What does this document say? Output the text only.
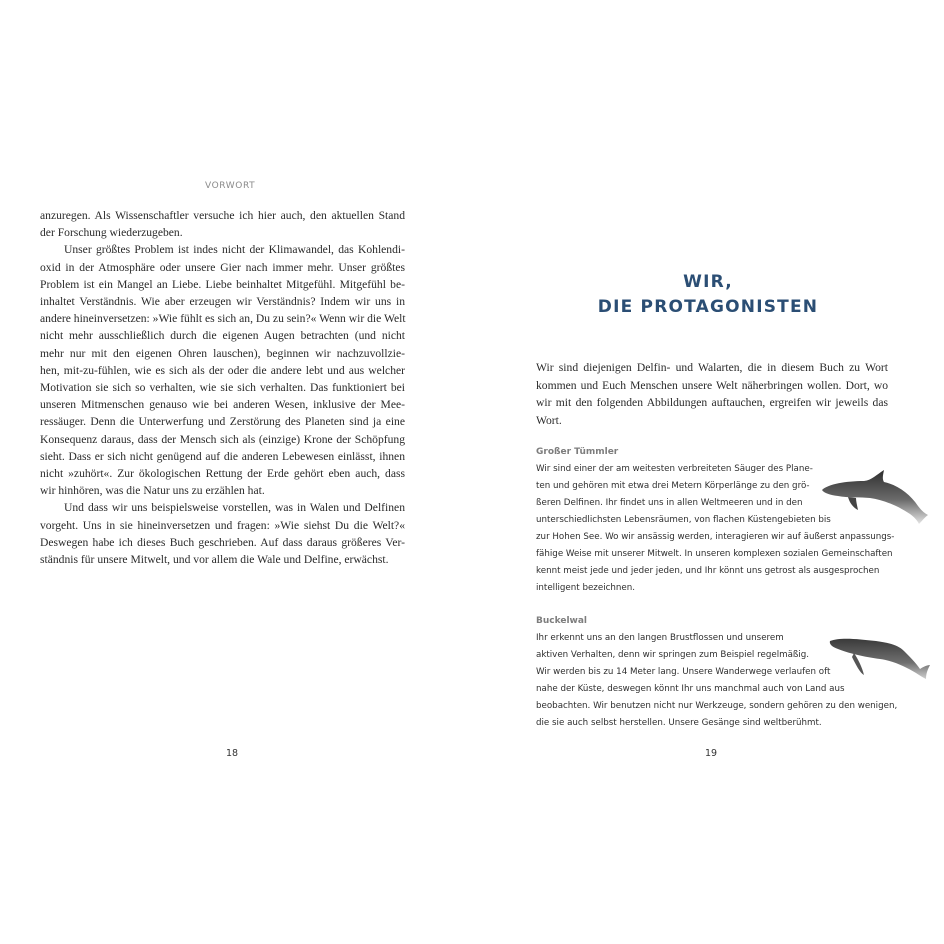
VORWORT
anzuregen. Als Wissenschaftler versuche ich hier auch, den aktuellen Stand
der Forschung wiederzugeben.
Unser größtes Problem ist indes nicht der Klimawandel, das Kohlendi-
oxid in der Atmosphäre oder unsere Gier nach immer mehr. Unser größtes
Problem ist ein Mangel an Liebe. Liebe beinhaltet Mitgefühl. Mitgefühl be-
inhaltet Verständnis. Wie aber erzeugen wir Verständnis? Indem wir uns in
andere hineinversetzen: »Wie fühlt es sich an, Du zu sein?« Wenn wir die Welt
nicht mehr ausschließlich durch die eigenen Augen betrachten (und nicht
mehr nur mit den eigenen Ohren lauschen), beginnen wir nachzuvollzie-
hen, mit-zu-fühlen, wie es sich als der oder die andere lebt und aus welcher
Motivation sie sich so verhalten, wie sie sich verhalten. Das funktioniert bei
unseren Mitmenschen genauso wie bei anderen Wesen, inklusive der Mee-
ressäuger. Denn die Unterwerfung und Zerstörung des Planeten sind ja eine
Konsequenz daraus, dass der Mensch sich als (einzige) Krone der Schöpfung
sieht. Dass er sich nicht genügend auf die anderen Lebewesen einlässt, ihnen
nicht »zuhört«. Zur ökologischen Rettung der Erde gehört eben auch, dass
wir hinhören, was die Natur uns zu erzählen hat.
Und dass wir uns beispielsweise vorstellen, was in Walen und Delfinen
vorgeht. Uns in sie hineinversetzen und fragen: »Wie siehst Du die Welt?«
Deswegen habe ich dieses Buch geschrieben. Auf dass daraus größeres Ver-
ständnis für unsere Mitwelt, und vor allem die Wale und Delfine, erwächst.
18
WIR,
DIE PROTAGONISTEN
Wir sind diejenigen Delfin- und Walarten, die in diesem Buch zu Wort
kommen und Euch Menschen unsere Welt näherbringen wollen. Dort, wo
wir mit den folgenden Abbildungen auftauchen, ergreifen wir jeweils das
Wort.
Großer Tümmler
Wir sind einer der am weitesten verbreiteten Säuger des Plane-
ten und gehören mit etwa drei Metern Körperlänge zu den grö-
ßeren Delfinen. Ihr findet uns in allen Weltmeeren und in den
unterschiedlichsten Lebensräumen, von flachen Küstengebieten bis
zur Hohen See. Wo wir ansässig werden, interagieren wir auf äußerst anpassungs-
fähige Weise mit unserer Mitwelt. In unseren komplexen sozialen Gemeinschaften
kennt meist jede und jeder jeden, und Ihr könnt uns getrost als ausgesprochen
intelligent bezeichnen.
Buckelwal
Ihr erkennt uns an den langen Brustflossen und unserem
aktiven Verhalten, denn wir springen zum Beispiel regelmäßig.
Wir werden bis zu 14 Meter lang. Unsere Wanderwege verlaufen oft
nahe der Küste, deswegen könnt Ihr uns manchmal auch von Land aus
beobachten. Wir benutzen nicht nur Werkzeuge, sondern gehören zu den wenigen,
die sie auch selbst herstellen. Unsere Gesänge sind weltberühmt.
19
